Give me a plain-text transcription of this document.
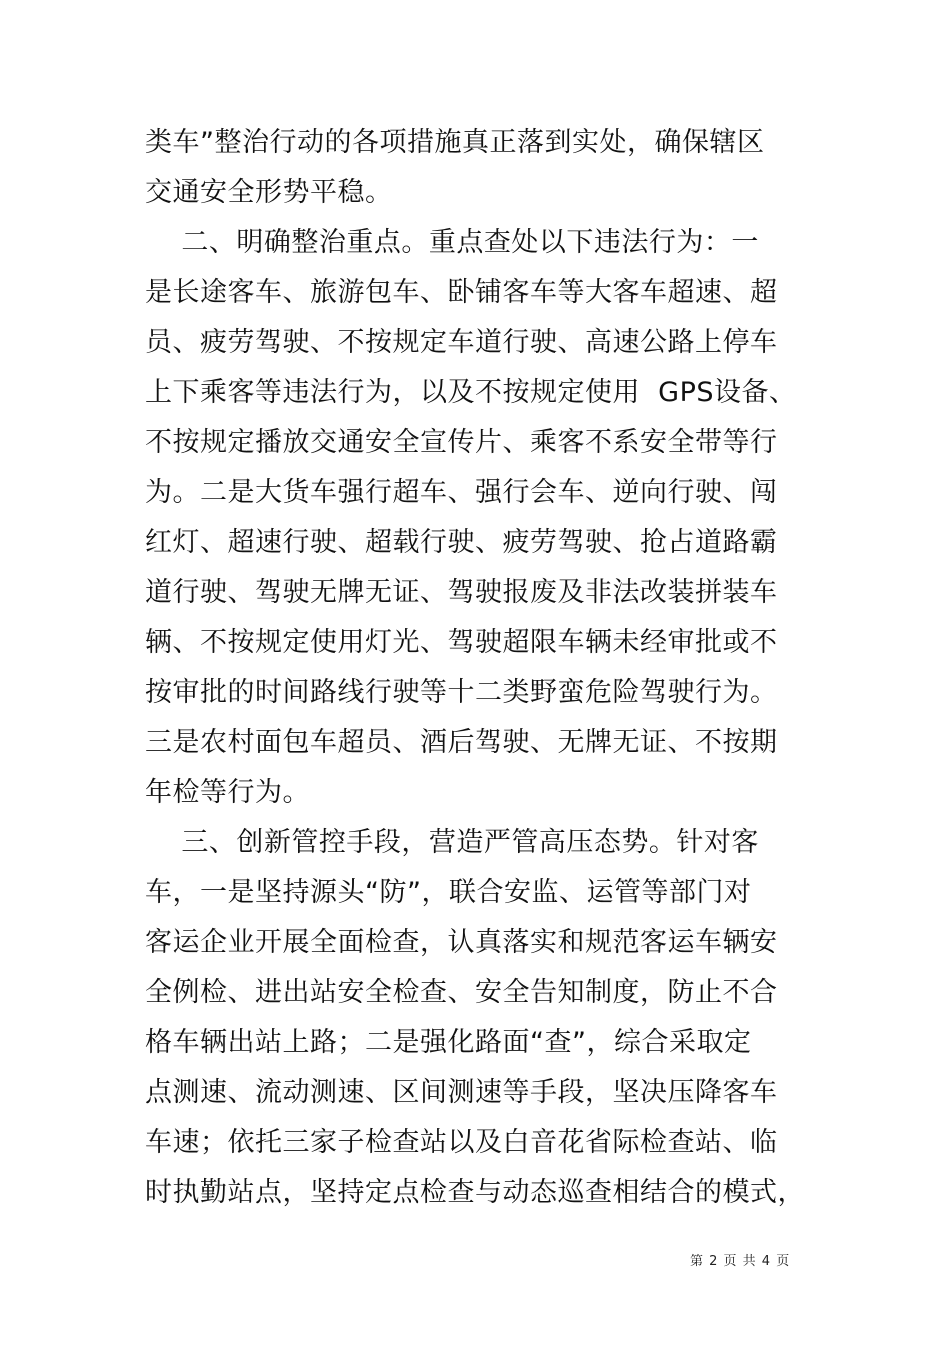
类车”整治行动的各项措施真正落到实处，确保辖区
交通安全形势平稳。
二、明确整治重点。重点查处以下违法行为：一
是长途客车、旅游包车、卧铺客车等大客车超速、超
员、疲劳驾驶、不按规定车道行驶、高速公路上停车
上下乘客等违法行为，以及不按规定使用  GPS设备、
不按规定播放交通安全宣传片、乘客不系安全带等行
为。二是大货车强行超车、强行会车、逆向行驶、闯
红灯、超速行驶、超载行驶、疲劳驾驶、抢占道路霸
道行驶、驾驶无牌无证、驾驶报废及非法改装拼装车
辆、不按规定使用灯光、驾驶超限车辆未经审批或不
按审批的时间路线行驶等十二类野蛮危险驾驶行为。
三是农村面包车超员、酒后驾驶、无牌无证、不按期
年检等行为。
三、创新管控手段，营造严管高压态势。针对客
车，一是坚持源头“防”，联合安监、运管等部门对
客运企业开展全面检查，认真落实和规范客运车辆安
全例检、进出站安全检查、安全告知制度，防止不合
格车辆出站上路；二是强化路面“查”，综合采取定
点测速、流动测速、区间测速等手段，坚决压降客车
车速；依托三家子检查站以及白音花省际检查站、临
时执勤站点，坚持定点检查与动态巡查相结合的模式，
第 2 页 共 4 页
